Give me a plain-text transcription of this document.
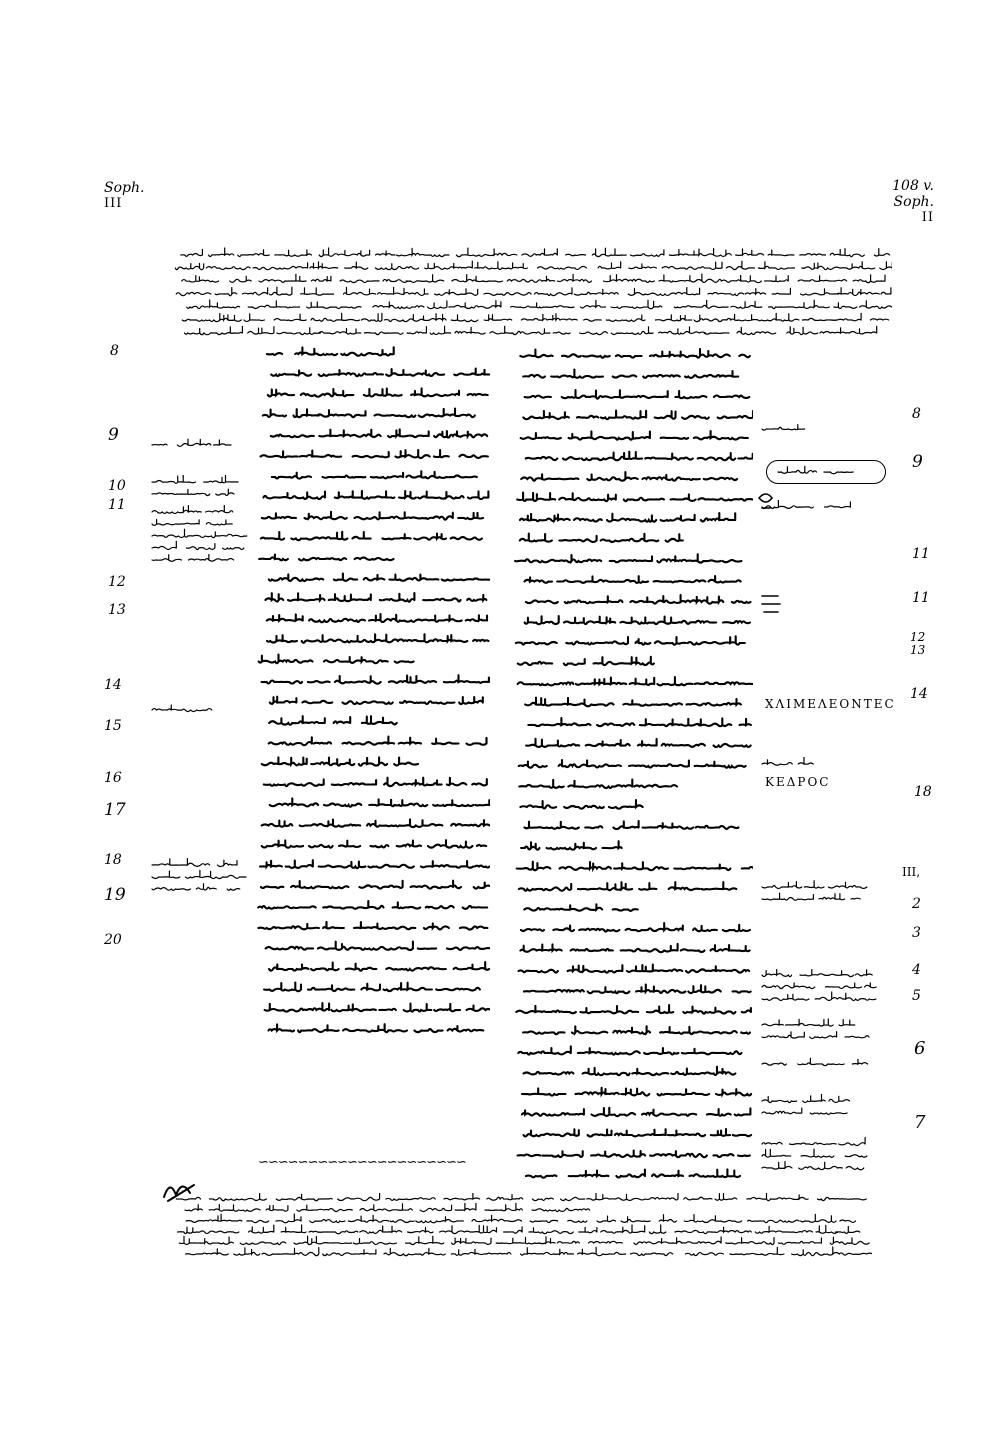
Soph.
III
108 v.
Soph.
II
ΧΛΙΜΕΛΕΟΝΤΕϹ
ΚΕΔΡΟϹ
8
9
10
11
12
13
14
15
16
17
18
19
20
8
9
11
11
12
13
14
18
III,
2
3
4
5
6
7
∽∽∽∽∽∽∽∽∽∽∽∽∽∽∽∽∽∽∽∽∽
